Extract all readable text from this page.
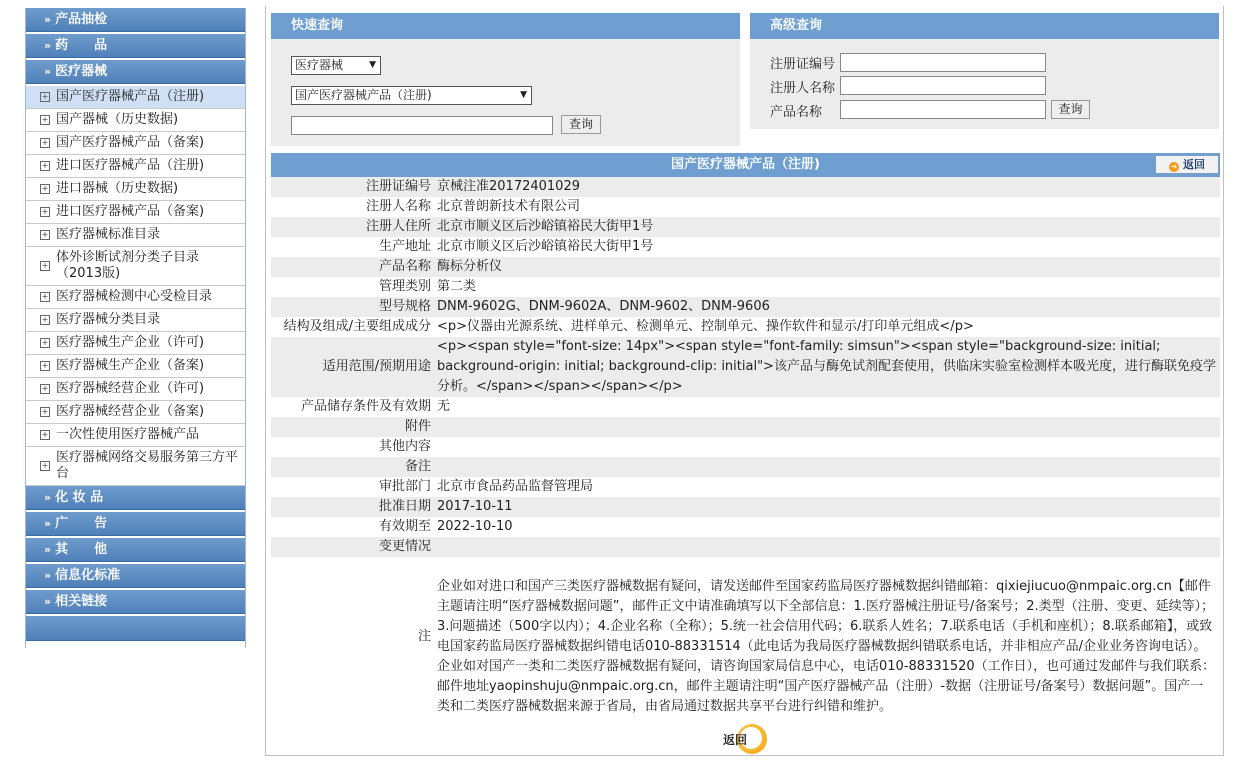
» 产品抽检
» 药　　品
» 医疗器械
+ 国产医疗器械产品（注册)
+ 国产器械（历史数据)
+ 国产医疗器械产品（备案)
+ 进口医疗器械产品（注册)
+ 进口器械（历史数据)
+ 进口医疗器械产品（备案)
+ 医疗器械标准目录
+
体外诊断试剂分类子目录（2013版)
+ 医疗器械检测中心受检目录
+ 医疗器械分类目录
+ 医疗器械生产企业（许可)
+ 医疗器械生产企业（备案)
+ 医疗器械经营企业（许可)
+ 医疗器械经营企业（备案)
+ 一次性使用医疗器械产品
+
医疗器械网络交易服务第三方平台
» 化 妆 品
» 广　　告
» 其　　他
» 信息化标准
» 相关链接
快速查询
医疗器械	▼
国产医疗器械产品（注册)	▼
查询
高级查询
注册证编号
注册人名称
产品名称	查询
国产医疗器械产品（注册)	➜ 返回
注册证编号 京械注准20172401029
注册人名称 北京普朗新技术有限公司
注册人住所 北京市顺义区后沙峪镇裕民大街甲1号
生产地址 北京市顺义区后沙峪镇裕民大街甲1号
产品名称 酶标分析仪
管理类别 第二类
型号规格 DNM-9602G、DNM-9602A、DNM-9602、DNM-9606
结构及组成/主要组成成分 <p>仪器由光源系统、进样单元、检测单元、控制单元、操作软件和显示/打印单元组成</p>
适用范围/预期用途
<p><span style="font-size: 14px"><span style="font-family: simsun"><span style="background-size: initial; background-origin: initial; background-clip: initial">该产品与酶免试剂配套使用，供临床实验室检测样本吸光度，进行酶联免疫学分析。</span></span></span></p>
产品储存条件及有效期 无
附件
其他内容
备注
审批部门 北京市食品药品监督管理局
批准日期 2017-10-11
有效期至 2022-10-10
变更情况
注
企业如对进口和国产三类医疗器械数据有疑问，请发送邮件至国家药监局医疗器械数据纠错邮箱：qixiejiucuo@nmpaic.org.cn【邮件主题请注明“医疗器械数据问题”，邮件正文中请准确填写以下全部信息：1.医疗器械注册证号/备案号；2.类型（注册、变更、延续等）；3.问题描述（500字以内）；4.企业名称（全称）；5.统一社会信用代码；6.联系人姓名；7.联系电话（手机和座机）；8.联系邮箱】，或致电国家药监局医疗器械数据纠错电话010-88331514（此电话为我局医疗器械数据纠错联系电话，并非相应产品/企业业务咨询电话）。企业如对国产一类和二类医疗器械数据有疑问，请咨询国家局信息中心，电话010-88331520（工作日），也可通过发邮件与我们联系：邮件地址yaopinshuju@nmpaic.org.cn，邮件主题请注明“国产医疗器械产品（注册）-数据（注册证号/备案号）数据问题”。国产一类和二类医疗器械数据来源于省局，由省局通过数据共享平台进行纠错和维护。
返回
